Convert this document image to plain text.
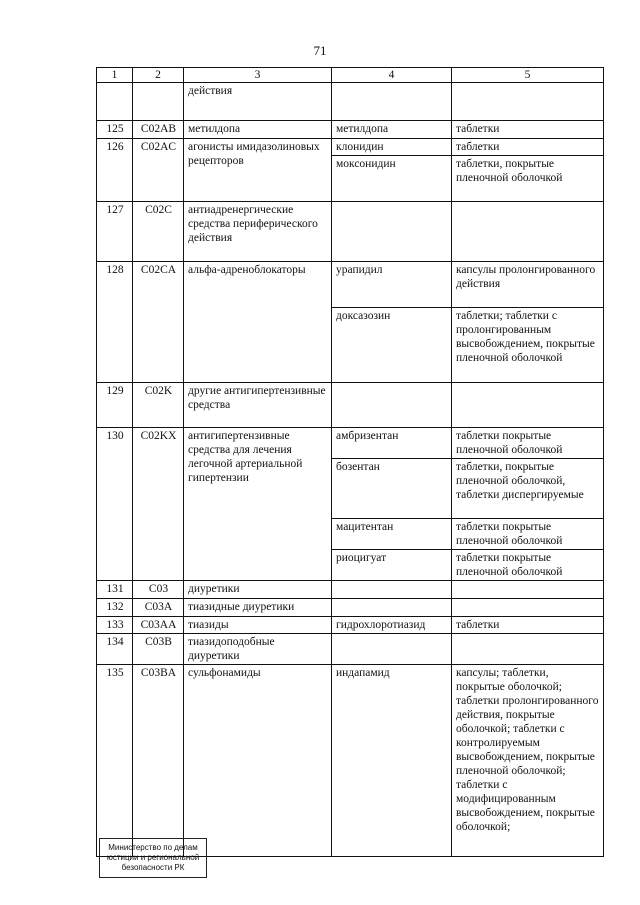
71
1	2	3	4	5
		действия		
125	C02AB	метилдопа	метилдопа	таблетки
126	C02AC	агонисты имидазолиновых рецепторов	клонидин	таблетки
			моксонидин	таблетки, покрытые пленочной оболочкой
127	C02C	антиадренергические средства периферического действия		
128	C02CA	альфа-адреноблокаторы	урапидил	капсулы пролонгированного действия
			доксазозин	таблетки; таблетки с пролонгированным высвобождением, покрытые пленочной оболочкой
129	C02K	другие антигипертензивные средства		
130	C02KX	антигипертензивные средства для лечения легочной артериальной гипертензии	амбризентан	таблетки покрытые пленочной оболочкой
			бозентан	таблетки, покрытые пленочной оболочкой, таблетки диспергируемые
			мацитентан	таблетки покрытые пленочной оболочкой
			риоцигуат	таблетки покрытые пленочной оболочкой
131	C03	диуретики		
132	C03A	тиазидные диуретики		
133	C03AA	тиазиды	гидрохлоротиазид	таблетки
134	C03B	тиазидоподобные диуретики		
135	C03BA	сульфонамиды	индапамид	капсулы; таблетки, покрытые оболочкой; таблетки пролонгированного действия, покрытые оболочкой; таблетки с контролируемым высвобождением, покрытые пленочной оболочкой; таблетки с модифицированным высвобождением, покрытые оболочкой;
Министерство по делам
юстиции и региональной
безопасности РК
